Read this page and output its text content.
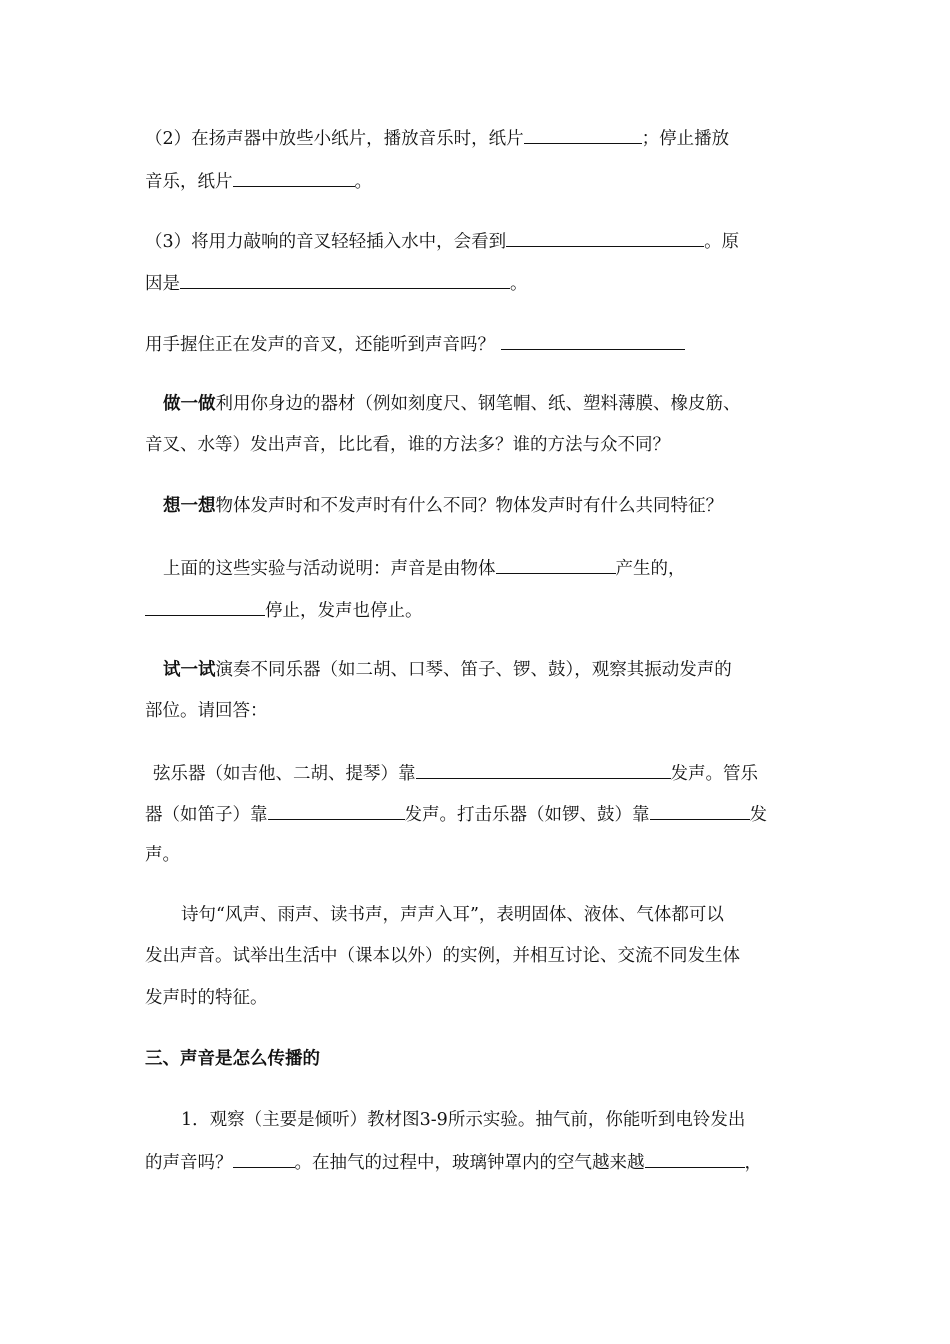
（2）在扬声器中放些小纸片，播放音乐时，纸片	；停止播放
音乐，纸片	。
（3）将用力敲响的音叉轻轻插入水中，会看到	。原
因是	。
用手握住正在发声的音叉，还能听到声音吗？
做一做利用你身边的器材（例如刻度尺、钢笔帽、纸、塑料薄膜、橡皮筋、
音叉、水等）发出声音，比比看，谁的方法多？谁的方法与众不同？
想一想物体发声时和不发声时有什么不同？物体发声时有什么共同特征？
上面的这些实验与活动说明：声音是由物体	产生的，
停止，发声也停止。
试一试演奏不同乐器（如二胡、口琴、笛子、锣、鼓），观察其振动发声的
部位。请回答：
弦乐器（如吉他、二胡、提琴）靠	发声。管乐
器（如笛子）靠	发声。打击乐器（如锣、鼓）靠	发
声。
诗句“风声、雨声、读书声，声声入耳”，表明固体、液体、气体都可以
发出声音。试举出生活中（课本以外）的实例，并相互讨论、交流不同发生体
发声时的特征。
三、声音是怎么传播的
1．观察（主要是倾听）教材图3-9所示实验。抽气前，你能听到电铃发出
的声音吗？	。在抽气的过程中，玻璃钟罩内的空气越来越	，
